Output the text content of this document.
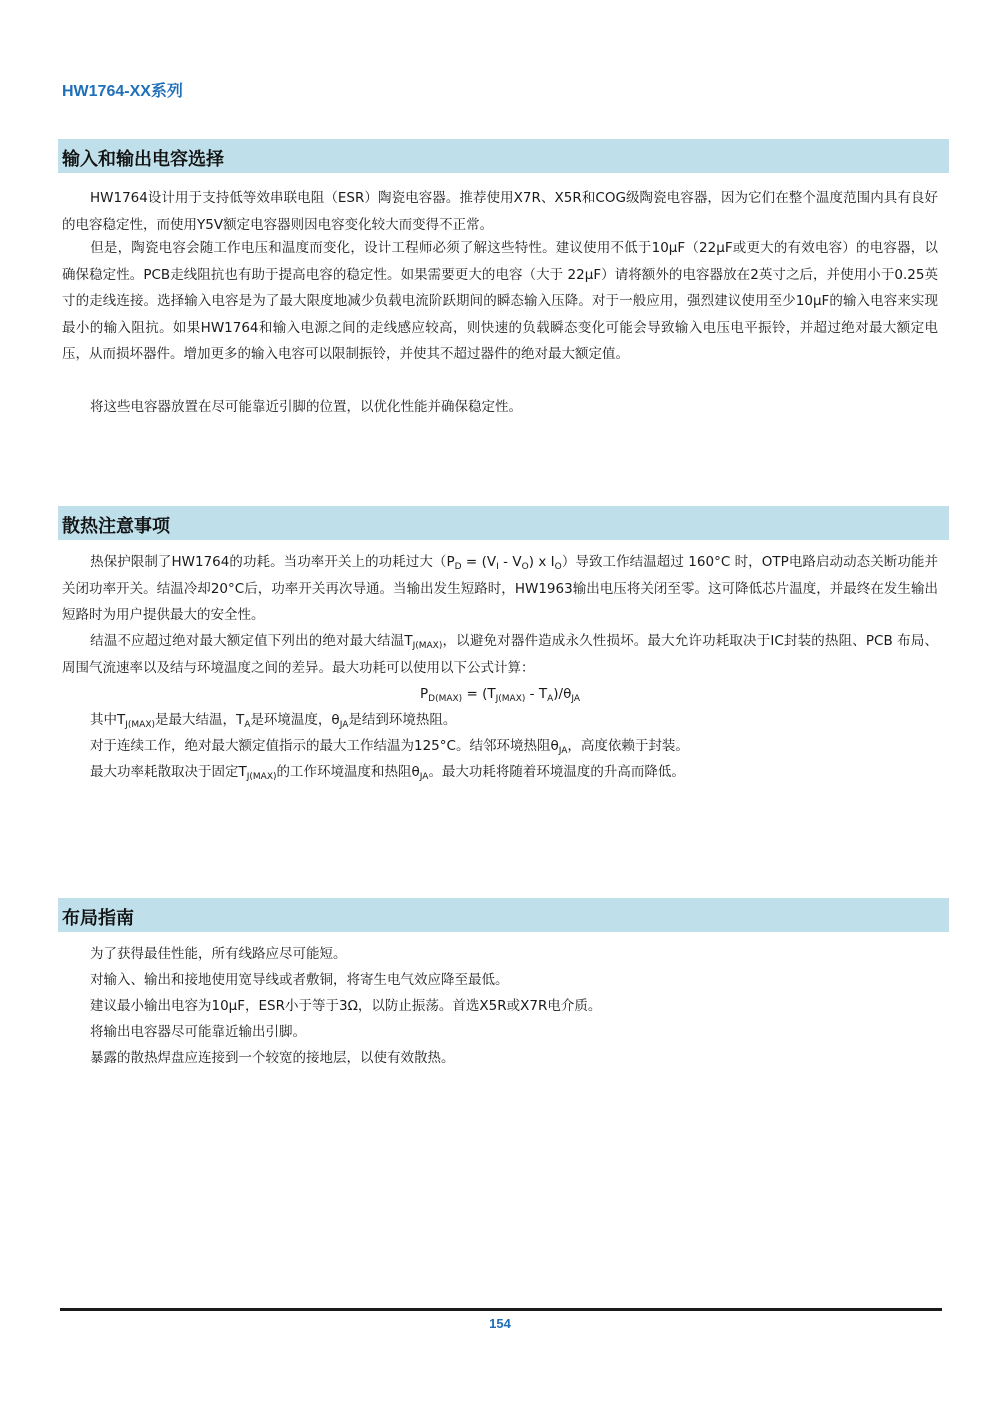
HW1764-XX系列
输入和输出电容选择

HW1764设计用于支持低等效串联电阻（ESR）陶瓷电容器。推荐使用X7R、X5R和COG级陶瓷电容器，因为它们在整个温度范围内具有良好的电容稳定性，而使用Y5V额定电容器则因电容变化较大而变得不正常。

但是，陶瓷电容会随工作电压和温度而变化，设计工程师必须了解这些特性。建议使用不低于10μF（22μF或更大的有效电容）的电容器，以确保稳定性。PCB走线阻抗也有助于提高电容的稳定性。如果需要更大的电容（大于 22μF）请将额外的电容器放在2英寸之后，并使用小于0.25英寸的走线连接。选择输入电容是为了最大限度地减少负载电流阶跃期间的瞬态输入压降。对于一般应用，强烈建议使用至少10μF的输入电容来实现最小的输入阻抗。如果HW1764和输入电源之间的走线感应较高，则快速的负载瞬态变化可能会导致输入电压电平振铃，并超过绝对最大额定电压，从而损坏器件。增加更多的输入电容可以限制振铃，并使其不超过器件的绝对最大额定值。

将这些电容器放置在尽可能靠近引脚的位置，以优化性能并确保稳定性。

散热注意事项

热保护限制了HW1764的功耗。当功率开关上的功耗过大（$P_D = (V_I - V_O)$ x $I_O$）导致工作结温超过 160°C 时，OTP电路启动动态关断功能并关闭功率开关。结温冷却20°C后，功率开关再次导通。当输出发生短路时，HW1963输出电压将关闭至零。这可降低芯片温度，并最终在发生输出短路时为用户提供最大的安全性。

结温不应超过绝对最大额定值下列出的绝对最大结温$T_{J(MAX)}$，以避免对器件造成永久性损坏。最大允许功耗取决于IC封装的热阻、PCB 布局、周围气流速率以及结与环境温度之间的差异。最大功耗可以使用以下公式计算：

$P_{D(MAX)} = (T_{J(MAX)} - T_A)/\theta_{JA}$
其中$T_{J(MAX)}$是最大结温，$T_A$是环境温度，$\theta_{JA}$是结到环境热阻。
对于连续工作，绝对最大额定值指示的最大工作结温为125°C。结邻环境热阻$\theta_{JA}$，高度依赖于封装。
最大功率耗散取决于固定$T_{J(MAX)}$的工作环境温度和热阻$\theta_{JA}$。最大功耗将随着环境温度的升高而降低。
布局指南
为了获得最佳性能，所有线路应尽可能短。
对输入、输出和接地使用宽导线或者敷铜，将寄生电气效应降至最低。
建议最小输出电容为10μF，ESR小于等于3Ω，以防止振荡。首选X5R或X7R电介质。
将输出电容器尽可能靠近输出引脚。
暴露的散热焊盘应连接到一个较宽的接地层，以使有效散热。
154
